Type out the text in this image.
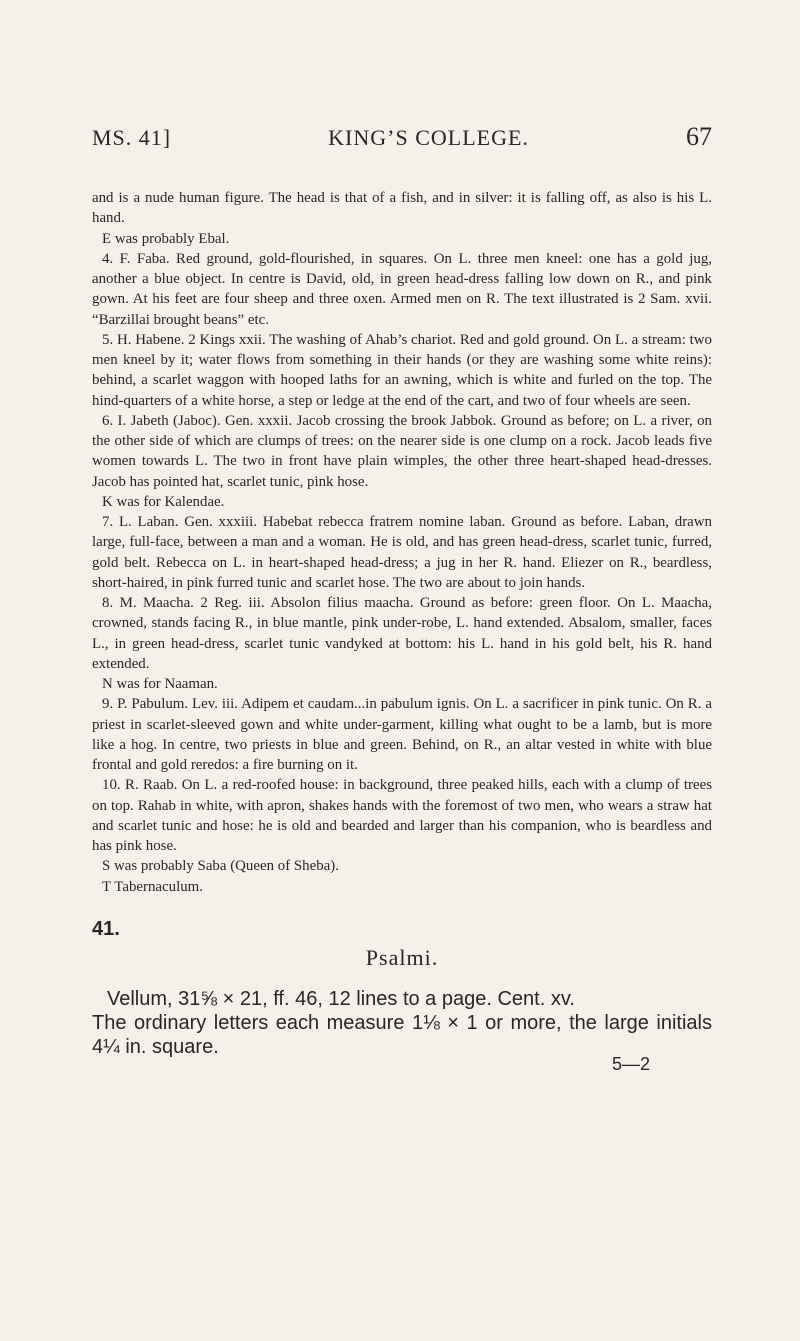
MS. 41]	KING’S COLLEGE.	67

and is a nude human figure. The head is that of a fish, and in silver: it is falling off, as also is his L. hand.

E was probably Ebal.

4. F. Faba. Red ground, gold-flourished, in squares. On L. three men kneel: one has a gold jug, another a blue object. In centre is David, old, in green head-dress falling low down on R., and pink gown. At his feet are four sheep and three oxen. Armed men on R. The text illustrated is 2 Sam. xvii. “Barzillai brought beans” etc.

5. H. Habene. 2 Kings xxii. The washing of Ahab’s chariot. Red and gold ground. On L. a stream: two men kneel by it; water flows from something in their hands (or they are washing some white reins): behind, a scarlet waggon with hooped laths for an awning, which is white and furled on the top. The hind-quarters of a white horse, a step or ledge at the end of the cart, and two of four wheels are seen.

6. I. Jabeth (Jaboc). Gen. xxxii. Jacob crossing the brook Jabbok. Ground as before; on L. a river, on the other side of which are clumps of trees: on the nearer side is one clump on a rock. Jacob leads five women towards L. The two in front have plain wimples, the other three heart-shaped head-dresses. Jacob has pointed hat, scarlet tunic, pink hose.

K was for Kalendae.

7. L. Laban. Gen. xxxiii. Habebat rebecca fratrem nomine laban. Ground as before. Laban, drawn large, full-face, between a man and a woman. He is old, and has green head-dress, scarlet tunic, furred, gold belt. Rebecca on L. in heart-shaped head-dress; a jug in her R. hand. Eliezer on R., beardless, short-haired, in pink furred tunic and scarlet hose. The two are about to join hands.

8. M. Maacha. 2 Reg. iii. Absolon filius maacha. Ground as before: green floor. On L. Maacha, crowned, stands facing R., in blue mantle, pink under-robe, L. hand extended. Absalom, smaller, faces L., in green head-dress, scarlet tunic vandyked at bottom: his L. hand in his gold belt, his R. hand extended.

N was for Naaman.

9. P. Pabulum. Lev. iii. Adipem et caudam...in pabulum ignis. On L. a sacrificer in pink tunic. On R. a priest in scarlet-sleeved gown and white under-garment, killing what ought to be a lamb, but is more like a hog. In centre, two priests in blue and green. Behind, on R., an altar vested in white with blue frontal and gold reredos: a fire burning on it.

10. R. Raab. On L. a red-roofed house: in background, three peaked hills, each with a clump of trees on top. Rahab in white, with apron, shakes hands with the foremost of two men, who wears a straw hat and scarlet tunic and hose: he is old and bearded and larger than his companion, who is beardless and has pink hose.

S was probably Saba (Queen of Sheba).

T Tabernaculum.

41.
Psalmi.

Vellum, 31⅝ × 21, ff. 46, 12 lines to a page. Cent. xv.

The ordinary letters each measure 1⅛ × 1 or more, the large initials 4¼ in. square.

5—2
